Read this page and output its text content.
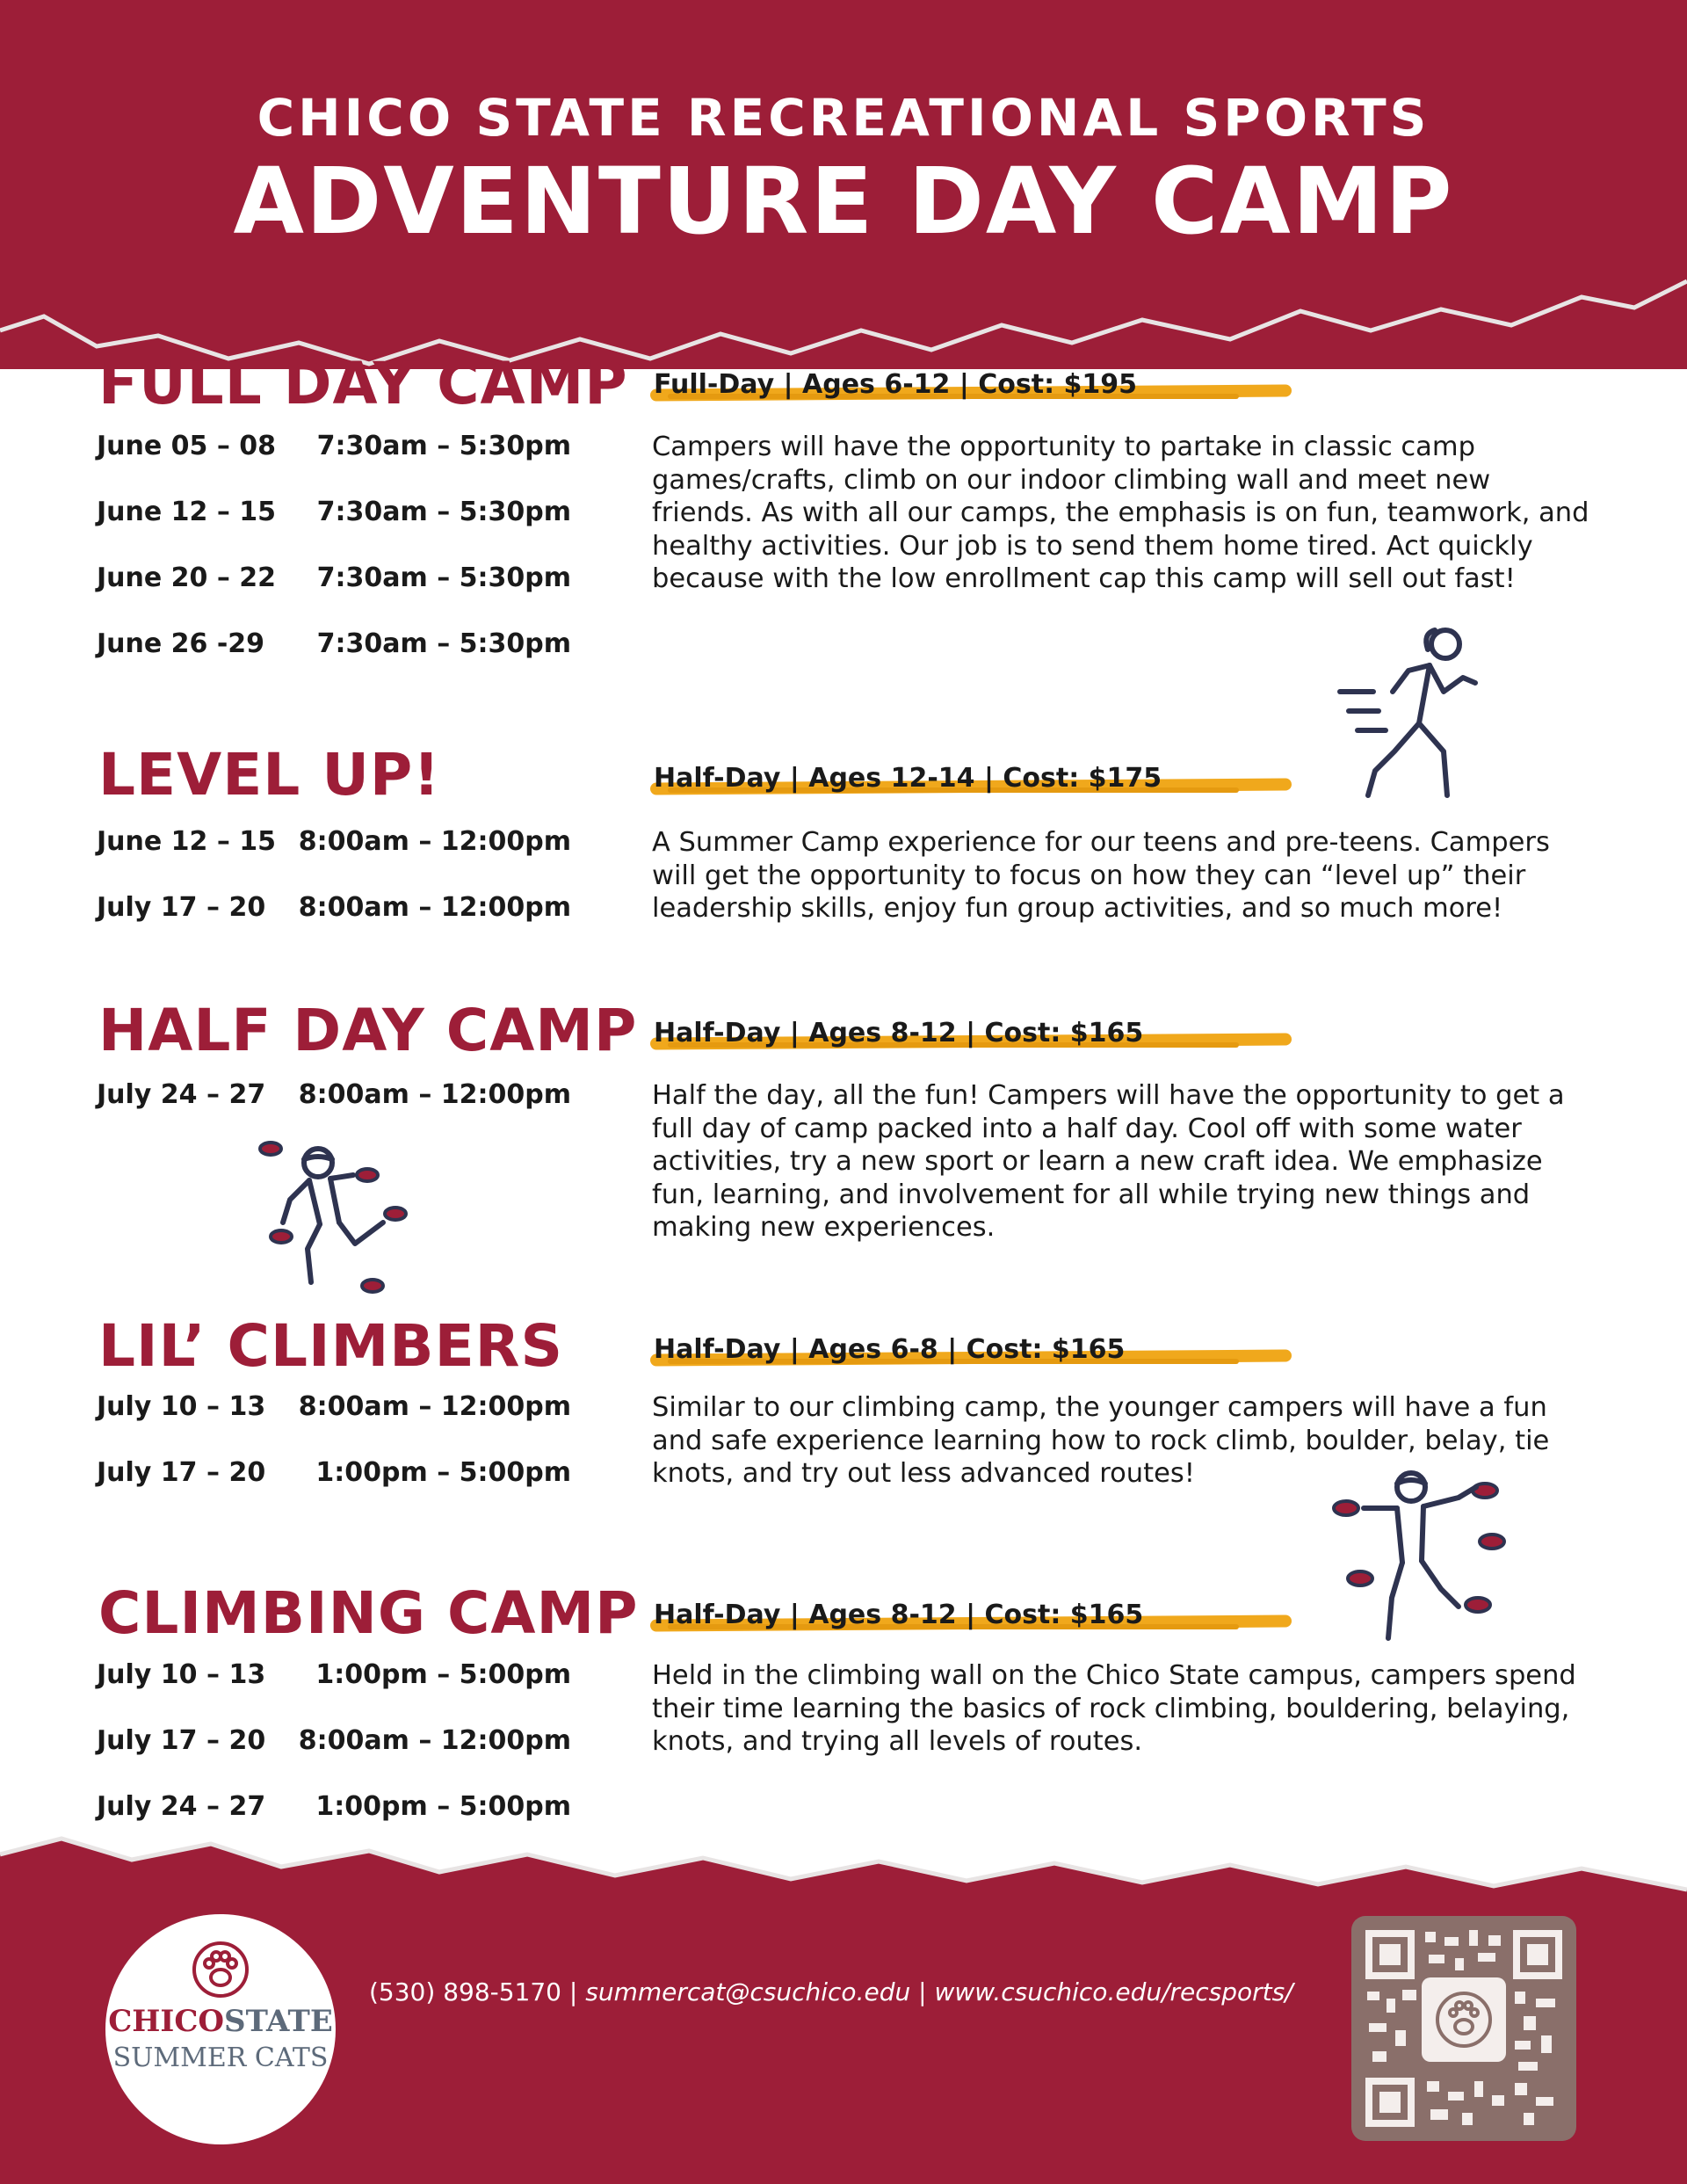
CHICO STATE RECREATIONAL SPORTS
ADVENTURE DAY CAMP
FULL DAY CAMP Full-Day | Ages 6-12 | Cost: $195
June 05 – 08 7:30am – 5:30pm
June 12 – 15 7:30am – 5:30pm
June 20 – 22 7:30am – 5:30pm
June 26 -29 7:30am – 5:30pm
Campers will have the opportunity to partake in classic camp games/crafts, climb on our indoor climbing wall and meet new friends. As with all our camps, the emphasis is on fun, teamwork, and healthy activities. Our job is to send them home tired. Act quickly because with the low enrollment cap this camp will sell out fast!
LEVEL UP!	Half-Day | Ages 12-14 | Cost: $175
June 12 – 15 8:00am – 12:00pm
July 17 – 20 8:00am – 12:00pm
A Summer Camp experience for our teens and pre-teens. Campers will get the opportunity to focus on how they can “level up” their leadership skills, enjoy fun group activities, and so much more!
HALF DAY CAMP Half-Day | Ages 8-12 | Cost: $165
July 24 – 27 8:00am – 12:00pm	Half the day, all the fun! Campers will have the opportunity to get a full day of camp packed into a half day. Cool off with some water activities, try a new sport or learn a new craft idea. We emphasize fun, learning, and involvement for all while trying new things and making new experiences.
LIL’ CLIMBERS	Half-Day | Ages 6-8 | Cost: $165
July 10 – 13 8:00am – 12:00pm
July 17 – 20 1:00pm – 5:00pm
Similar to our climbing camp, the younger campers will have a fun and safe experience learning how to rock climb, boulder, belay, tie knots, and try out less advanced routes!
CLIMBING CAMP Half-Day | Ages 8-12 | Cost: $165
July 10 – 13 1:00pm – 5:00pm
July 17 – 20 8:00am – 12:00pm
July 24 – 27 1:00pm – 5:00pm
Held in the climbing wall on the Chico State campus, campers spend their time learning the basics of rock climbing, bouldering, belaying, knots, and trying all levels of routes.
CHICOSTATE
SUMMER CATS
(530) 898-5170 | summercat@csuchico.edu | www.csuchico.edu/recsports/
